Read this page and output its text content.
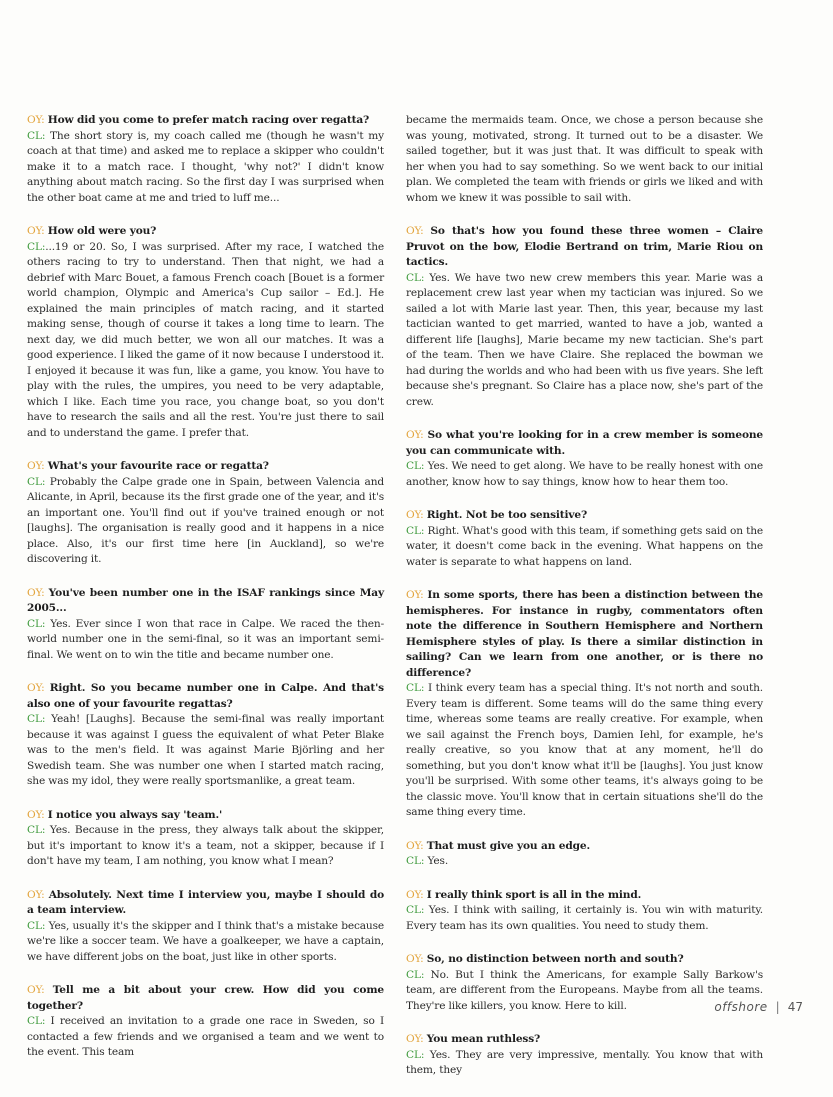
OY: How did you come to prefer match racing over regatta?

CL: The short story is, my coach called me (though he wasn't my coach at that time) and asked me to replace a skipper who couldn't make it to a match race. I thought, 'why not?' I didn't know anything about match racing. So the first day I was surprised when the other boat came at me and tried to luff me...

OY: How old were you?

CL:...19 or 20. So, I was surprised. After my race, I watched the others racing to try to understand. Then that night, we had a debrief with Marc Bouet, a famous French coach [Bouet is a former world champion, Olympic and America's Cup sailor – Ed.]. He explained the main principles of match racing, and it started making sense, though of course it takes a long time to learn. The next day, we did much better, we won all our matches. It was a good experience. I liked the game of it now because I understood it. I enjoyed it because it was fun, like a game, you know. You have to play with the rules, the umpires, you need to be very adaptable, which I like. Each time you race, you change boat, so you don't have to research the sails and all the rest. You're just there to sail and to understand the game. I prefer that.

OY: What's your favourite race or regatta?

CL: Probably the Calpe grade one in Spain, between Valencia and Alicante, in April, because its the first grade one of the year, and it's an important one. You'll find out if you've trained enough or not [laughs]. The organisation is really good and it happens in a nice place. Also, it's our first time here [in Auckland], so we're discovering it.

OY: You've been number one in the ISAF rankings since May 2005...

CL: Yes. Ever since I won that race in Calpe. We raced the then-world number one in the semi-final, so it was an important semi-final. We went on to win the title and became number one.

OY: Right. So you became number one in Calpe. And that's also one of your favourite regattas?

CL: Yeah! [Laughs]. Because the semi-final was really important because it was against I guess the equivalent of what Peter Blake was to the men's field. It was against Marie Björling and her Swedish team. She was number one when I started match racing, she was my idol, they were really sportsmanlike, a great team.

OY: I notice you always say 'team.'

CL: Yes. Because in the press, they always talk about the skipper, but it's important to know it's a team, not a skipper, because if I don't have my team, I am nothing, you know what I mean?

OY: Absolutely. Next time I interview you, maybe I should do a team interview.

CL: Yes, usually it's the skipper and I think that's a mistake because we're like a soccer team. We have a goalkeeper, we have a captain, we have different jobs on the boat, just like in other sports.

OY: Tell me a bit about your crew. How did you come together?

CL: I received an invitation to a grade one race in Sweden, so I contacted a few friends and we organised a team and we went to the event. This team

became the mermaids team. Once, we chose a person because she was young, motivated, strong. It turned out to be a disaster. We sailed together, but it was just that. It was difficult to speak with her when you had to say something. So we went back to our initial plan. We completed the team with friends or girls we liked and with whom we knew it was possible to sail with.

OY: So that's how you found these three women – Claire Pruvot on the bow, Elodie Bertrand on trim, Marie Riou on tactics.

CL: Yes. We have two new crew members this year. Marie was a replacement crew last year when my tactician was injured. So we sailed a lot with Marie last year. Then, this year, because my last tactician wanted to get married, wanted to have a job, wanted a different life [laughs], Marie became my new tactician. She's part of the team. Then we have Claire. She replaced the bowman we had during the worlds and who had been with us five years. She left because she's pregnant. So Claire has a place now, she's part of the crew.

OY: So what you're looking for in a crew member is someone you can communicate with.

CL: Yes. We need to get along. We have to be really honest with one another, know how to say things, know how to hear them too.

OY: Right. Not be too sensitive?

CL: Right. What's good with this team, if something gets said on the water, it doesn't come back in the evening. What happens on the water is separate to what happens on land.

OY: In some sports, there has been a distinction between the hemispheres. For instance in rugby, commentators often note the difference in Southern Hemisphere and Northern Hemisphere styles of play. Is there a similar distinction in sailing? Can we learn from one another, or is there no difference?

CL: I think every team has a special thing. It's not north and south. Every team is different. Some teams will do the same thing every time, whereas some teams are really creative. For example, when we sail against the French boys, Damien Iehl, for example, he's really creative, so you know that at any moment, he'll do something, but you don't know what it'll be [laughs]. You just know you'll be surprised. With some other teams, it's always going to be the classic move. You'll know that in certain situations she'll do the same thing every time.

OY: That must give you an edge.

CL: Yes.

OY: I really think sport is all in the mind.

CL: Yes. I think with sailing, it certainly is. You win with maturity. Every team has its own qualities. You need to study them.

OY: So, no distinction between north and south?

CL: No. But I think the Americans, for example Sally Barkow's team, are different from the Europeans. Maybe from all the teams. They're like killers, you know. Here to kill.

OY: You mean ruthless?

CL: Yes. They are very impressive, mentally. You know that with them, they

offshore | 47
